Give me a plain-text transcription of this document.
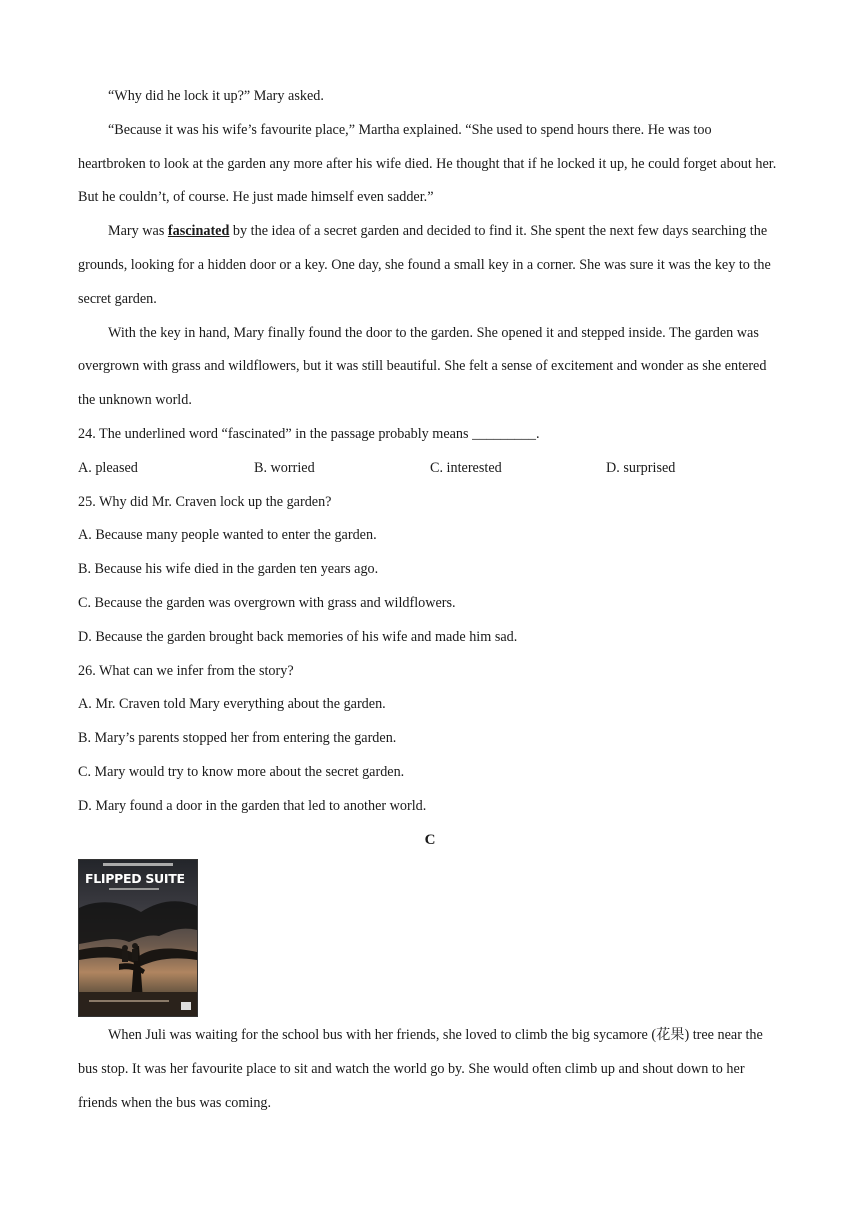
“Why did he lock it up?” Mary asked.

“Because it was his wife’s favourite place,” Martha explained. “She used to spend hours there. He was too heartbroken to look at the garden any more after his wife died. He thought that if he locked it up, he could forget about her. But he couldn’t, of course. He just made himself even sadder.”

Mary was fascinated by the idea of a secret garden and decided to find it. She spent the next few days searching the grounds, looking for a hidden door or a key. One day, she found a small key in a corner. She was sure it was the key to the secret garden.

With the key in hand, Mary finally found the door to the garden. She opened it and stepped inside. The garden was overgrown with grass and wildflowers, but it was still beautiful. She felt a sense of excitement and wonder as she entered the unknown world.

24. The underlined word “fascinated” in the passage probably means _________.
A. pleased	B. worried	C. interested	D. surprised
25. Why did Mr. Craven lock up the garden?
A. Because many people wanted to enter the garden.
B. Because his wife died in the garden ten years ago.
C. Because the garden was overgrown with grass and wildflowers.
D. Because the garden brought back memories of his wife and made him sad.
26. What can we infer from the story?
A. Mr. Craven told Mary everything about the garden.
B. Mary’s parents stopped her from entering the garden.
C. Mary would try to know more about the secret garden.
D. Mary found a door in the garden that led to another world.
C
FLIPPED SUITE

When Juli was waiting for the school bus with her friends, she loved to climb the big sycamore (花果) tree near the bus stop. It was her favourite place to sit and watch the world go by. She would often climb up and shout down to her friends when the bus was coming.
